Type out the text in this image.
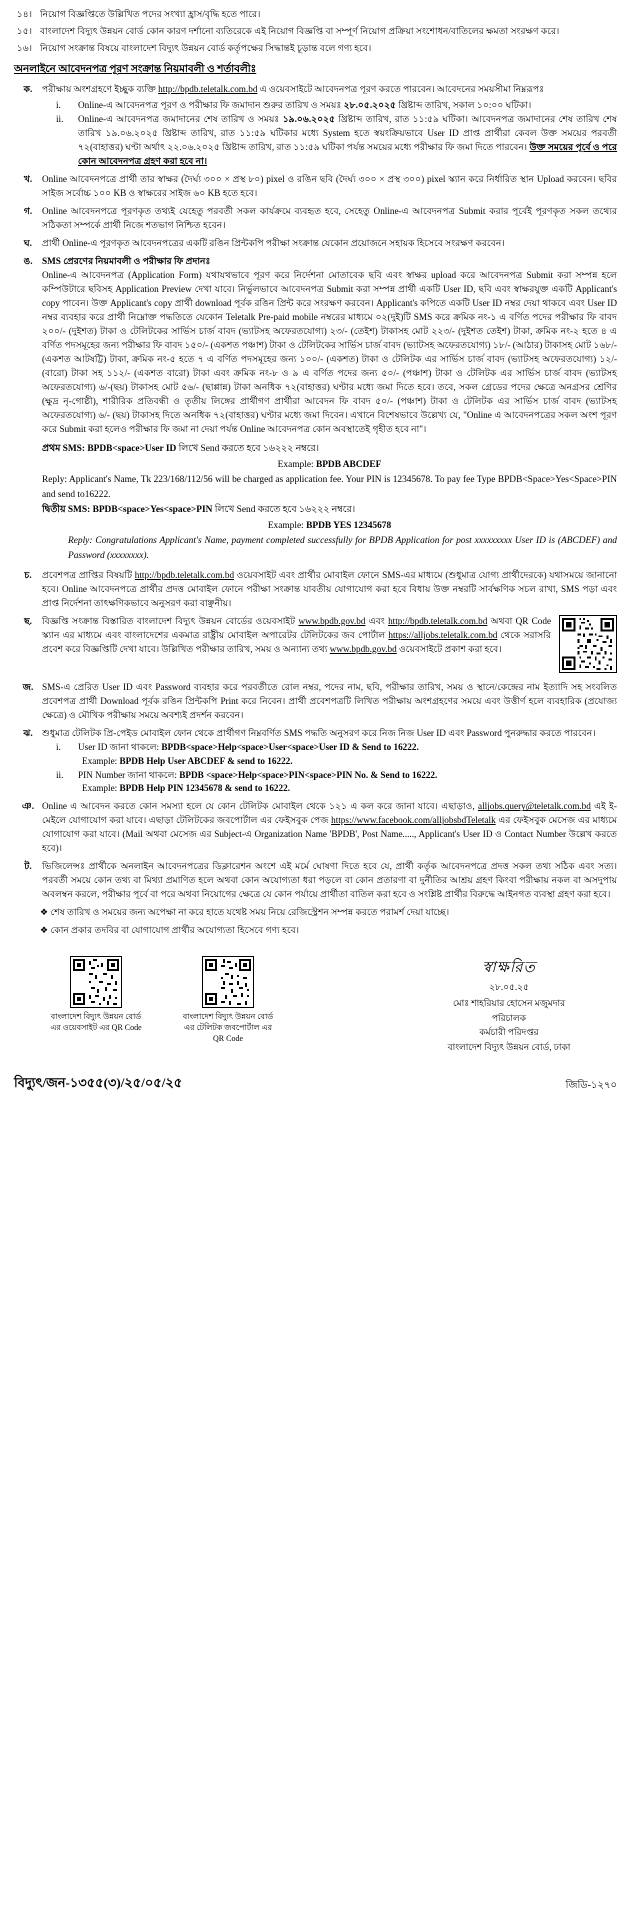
১৪। নিয়োগ বিজ্ঞপ্তিতে উল্লিখিত পদের সংখ্যা হ্রাস/বৃদ্ধি হতে পারে।
১৫। বাংলাদেশ বিদ্যুৎ উন্নয়ন বোর্ড কোন কারণ দর্শানো ব্যতিরেকে এই নিয়োগ বিজ্ঞপ্তি বা সম্পূর্ণ নিয়োগ প্রক্রিয়া সংশোধন/বাতিলের ক্ষমতা সংরক্ষণ করে।
১৬। নিয়োগ সংক্রান্ত বিষয়ে বাংলাদেশ বিদ্যুৎ উন্নয়ন বোর্ড কর্তৃপক্ষের সিদ্ধান্তই চূড়ান্ত বলে গণ্য হবে।
অনলাইনে আবেদনপত্র পূরণ সংক্রান্ত নিয়মাবলী ও শর্তাবলীঃ
ক.	পরীক্ষায় অংশগ্রহণে ইচ্ছুক ব্যক্তি http://bpdb.teletalk.com.bd এ ওয়েবসাইটে আবেদনপত্র পূরণ করতে পারবেন। আবেদনের সময়সীমা নিম্নরূপঃ
i.	Online-এ আবেদনপত্র পূরণ ও পরীক্ষার ফি জমাদান শুরুর তারিখ ও সময়ঃ ২৮.০৫.২০২৫ খ্রিষ্টাব্দ তারিখ, সকাল ১০:০০ ঘটিকা।
ii.	Online-এ আবেদনপত্র জমাদানের শেষ তারিখ ও সময়ঃ ১৯.০৬.২০২৫ খ্রিষ্টাব্দ তারিখ, রাত ১১:৫৯ ঘটিকা। আবেদনপত্র জমাদানের শেষ তারিখ শেষ তারিখ ১৯.০৬.২০২৫ খ্রিষ্টাব্দ তারিখ, রাত ১১:৫৯ ঘটিকার মধ্যে System হতে স্বয়ংক্রিয়ভাবে User ID প্রাপ্ত প্রার্থীরা কেবল উক্ত সময়ের পরবর্তী ৭২(বাহাত্তর) ঘণ্টা অর্থাৎ ২২.০৬.২০২৫ খ্রিষ্টাব্দ তারিখ, রাত ১১:৫৯ ঘটিকা পর্যন্ত সময়ের মধ্যে পরীক্ষার ফি জমা দিতে পারবেন। উক্ত সময়ের পূর্বে ও পরে কোন আবেদনপত্র গ্রহণ করা হবে না।
খ.	Online আবেদনপত্রে প্রার্থী তার স্বাক্ষর (দৈর্ঘ্য ৩০০ × প্রস্থ ৮০) pixel ও রঙিন ছবি (দৈর্ঘ্য ৩০০ × প্রস্থ ৩০০) pixel স্ক্যান করে নির্ধারিত স্থান Upload করবেন। ছবির সাইজ সর্বোচ্চ ১০০ KB ও স্বাক্ষরের সাইজ ৬০ KB হতে হবে।
গ.	Online আবেদনপত্রে পূরণকৃত তথ্যই যেহেতু পরবর্তী সকল কার্যক্রমে ব্যবহৃত হবে, সেহেতু Online-এ আবেদনপত্র Submit করার পূর্বেই পূরণকৃত সকল তথ্যের সঠিকতা সম্পর্কে প্রার্থী নিজে শতভাগ নিশ্চিত হবেন।
ঘ.	প্রার্থী Online-এ পূরণকৃত আবেদনপত্রের একটি রঙিন প্রিন্টকপি পরীক্ষা সংক্রান্ত যেকোন প্রয়োজনে সহায়ক হিসেবে সংরক্ষণ করবেন।
ঙ.	SMS প্রেরণের নিয়মাবলী ও পরীক্ষার ফি প্রদানঃ
Online-এ আবেদনপত্র (Application Form) যথাযথভাবে পূরণ করে নির্দেশনা মোতাবেক ছবি এবং স্বাক্ষর upload করে আবেদনপত্র Submit করা সম্পন্ন হলে কম্পিউটারে ছবিসহ Application Preview দেখা যাবে। নির্ভুলভাবে আবেদনপত্র Submit করা সম্পন্ন প্রার্থী একটি User ID, ছবি এবং স্বাক্ষরযুক্ত একটি Applicant's copy পাবেন। উক্ত Applicant's copy প্রার্থী download পূর্বক রঙিন প্রিন্ট করে সংরক্ষণ করবেন। Applicant's কপিতে একটি User ID নম্বর দেয়া থাকবে এবং User ID নম্বর ব্যবহার করে প্রার্থী নিম্নোক্ত পদ্ধতিতে যেকোন Teletalk Pre-paid mobile নম্বরের মাধ্যমে ০২(দুই)টি SMS করে ক্রমিক নং-১ এ বর্ণিত পদের পরীক্ষার ফি বাবদ ২০০/- (দুইশত) টাকা ও টেলিটকের সার্ভিস চার্জ বাবদ (ভ্যাটসহ অফেরতযোগ্য) ২৩/- (তেইশ) টাকাসহ মোট ২২৩/- (দুইশত তেইশ) টাকা, ক্রমিক নং-২ হতে ৪ এ বর্ণিত পদসমূহের জন্য পরীক্ষার ফি বাবদ ১৫০/- (একশত পঞ্চাশ) টাকা ও টেলিটকের সার্ভিস চার্জ বাবদ (ভ্যাটসহ অফেরতযোগ্য) ১৮/- (আঠার) টাকাসহ মোট ১৬৮/- (একশত আটষট্টি) টাকা, ক্রমিক নং-৫ হতে ৭ এ বর্ণিত পদসমূহের জন্য ১০০/- (একশত) টাকা ও টেলিটক এর সার্ভিস চার্জ বাবদ (ভ্যাটসহ অফেরতযোগ্য) ১২/- (বারো) টাকা সহ ১১২/- (একশত বারো) টাকা এবং ক্রমিক নং-৮ ও ৯ এ বর্ণিত পদের জন্য ৫০/- (পঞ্চাশ) টাকা ও টেলিটক এর সার্ভিস চার্জ বাবদ (ভ্যাটসহ অফেরতযোগ্য) ৬/-(ছয়) টাকাসহ মোট ৫৬/- (ছাপ্পান্ন) টাকা অনধিক ৭২(বাহাত্তর) ঘণ্টার মধ্যে জমা দিতে হবে। তবে, সকল গ্রেডের পদের ক্ষেত্রে অনগ্রসর শ্রেণির (ক্ষুদ্র নৃ-গোষ্ঠী), শারীরিক প্রতিবন্ধী ও তৃতীয় লিঙ্গের প্রার্থীগণ প্রার্থীরা আবেদন ফি বাবদ ৫০/- (পঞ্চাশ) টাকা ও টেলিটক এর সার্ভিস চার্জ বাবদ (ভ্যাটসহ অফেরতযোগ্য) ৬/- (ছয়) টাকাসহ দিতে অনধিক ৭২(বাহাত্তর) ঘণ্টার মধ্যে জমা দিবেন। এখানে বিশেষভাবে উল্লেখ্য যে, "Online এ আবেদনপত্রের সকল অংশ পূরণ করে Submit করা হলেও পরীক্ষার ফি জমা না দেয়া পর্যন্ত Online আবেদনপত্র কোন অবস্থাতেই গৃহীত হবে না"।
প্রথম SMS: BPDB<space>User ID লিখে Send করতে হবে ১৬২২২ নম্বরে।
Example: BPDB ABCDEF
Reply: Applicant's Name, Tk 223/168/112/56 will be charged as application fee. Your PIN is 12345678. To pay fee Type BPDB<Space>Yes<Space>PIN and send to16222.
দ্বিতীয় SMS: BPDB<space>Yes<space>PIN লিখে Send করতে হবে ১৬২২২ নম্বরে।
Example: BPDB YES 12345678
Reply: Congratulations Applicant's Name, payment completed successfully for BPDB Application for post xxxxxxxxx User ID is (ABCDEF) and Password (xxxxxxxx).
চ.	প্রবেশপত্র প্রাপ্তির বিষয়টি http://bpdb.teletalk.com.bd ওয়েবসাইট এবং প্রার্থীর মোবাইল ফোনে SMS-এর মাধ্যমে (শুধুমাত্র যোগ্য প্রার্থীদেরকে) যথাসময়ে জানানো হবে। Online আবেদনপত্রে প্রার্থীর প্রদত্ত মোবাইল ফোনে পরীক্ষা সংক্রান্ত যাবতীয় যোগাযোগ করা হবে বিধায় উক্ত নম্বরটি সার্বক্ষণিক সচল রাখা, SMS পড়া এবং প্রাপ্ত নির্দেশনা তাৎক্ষণিকভাবে অনুসরণ করা বাঞ্ছনীয়।
ছ.	বিজ্ঞপ্তি সংক্রান্ত বিস্তারিত বাংলাদেশ বিদ্যুৎ উন্নয়ন বোর্ডের ওয়েবসাইট www.bpdb.gov.bd এবং http://bpdb.teletalk.com.bd অথবা QR Code স্ক্যান এর মাধ্যমে এবং বাংলাদেশের একমাত্র রাষ্ট্রীয় মোবাইল অপারেটর টেলিটকের জব পোর্টাল https://alljobs.teletalk.com.bd থেকে সরাসরি প্রবেশ করে বিজ্ঞপ্তিটি দেখা যাবে। উল্লিখিত পরীক্ষার তারিখ, সময় ও অন্যান্য তথ্য www.bpdb.gov.bd ওয়েবসাইটে প্রকাশ করা হবে।
জ. SMS-এ প্রেরিত User ID এবং Password ব্যবহার করে পরবর্তীতে রোল নম্বর, পদের নাম, ছবি, পরীক্ষার তারিখ, সময় ও স্থানে/কেন্দ্রের নাম ইত্যাদি সহ সংবলিত প্রবেশপত্র প্রার্থী Download পূর্বক রঙিন প্রিন্টকপি Print করে নিবেন। প্রার্থী প্রবেশপত্রটি লিখিত পরীক্ষায় অংশগ্রহণের সময়ে এবং উত্তীর্ণ হলে ব্যবহারিক (প্রযোজ্য ক্ষেত্রে) ও মৌখিক পরীক্ষায় সময়ে অবশ্যই প্রদর্শন করবেন।
ঝ.	শুধুমাত্র টেলিটক প্রি-পেইড মোবাইল ফোন থেকে প্রার্থীগণ নিম্নবর্ণিত SMS পদ্ধতি অনুসরণ করে নিজ নিজ User ID এবং Password পুনরুদ্ধার করতে পারবেন।
i.	User ID জানা থাকলে: BPDB<space>Help<space>User<space>User ID & Send to 16222.
Example: BPDB Help User ABCDEF & send to 16222.
ii.	PIN Number জানা থাকলে: BPDB <space>Help<space>PIN<space>PIN No. & Send to 16222.
Example: BPDB Help PIN 12345678 & send to 16222.
ঞ. Online এ আবেদন করতে কোন সমস্যা হলে যে কোন টেলিটক মোবাইল থেকে ১২১ এ কল করে জানা যাবে। এছাড়াও, alljobs.query@teletalk.com.bd এই ই-মেইলে যোগাযোগ করা যাবে। এছাড়া টেলিটকের জবপোর্টাল এর ফেইসবুক পেজ https://www.facebook.com/alljobsbdTeletalk এর ফেইসবুক মেসেজ এর মাধ্যমে যোগাযোগ করা যাবে। (Mail অথবা মেসেজ এর Subject-এ Organization Name 'BPDB', Post Name....., Applicant's User ID ও Contact Number উল্লেখ করতে হবে)।
ট.	ভিজিলেন্সঃ প্রার্থীকে অনলাইন আবেদনপত্রের ডিক্লারেশন অংশে এই মর্মে ঘোষণা দিতে হবে যে, প্রার্থী কর্তৃক আবেদনপত্রে প্রদত্ত সকল তথ্য সঠিক এবং সত্য। পরবর্তী সময়ে কোন তথ্য বা মিথ্যা প্রমাণিত হলে অথবা কোন অযোগ্যতা ধরা পড়লে বা কোন প্রতারণা বা দুর্নীতির আশ্রয় গ্রহণ কিংবা পরীক্ষায় নকল বা অসদুপায় অবলম্বন করলে, পরীক্ষার পূর্বে বা পরে অথবা নিয়োগের ক্ষেত্রে যে কোন পর্যায়ে প্রার্থীতা বাতিল করা হবে ও সংশ্লিষ্ট প্রার্থীর বিরুদ্ধে আইনগত ব্যবস্থা গ্রহণ করা হবে।
❖ শেষ তারিখ ও সময়ের জন্য অপেক্ষা না করে হাতে যথেষ্ট সময় নিয়ে রেজিস্ট্রেশন সম্পন্ন করতে পরামর্শ দেয়া যাচ্ছে।
❖ কোন প্রকার তদবির বা যোগাযোগ প্রার্থীর অযোগ্যতা হিসেবে গণ্য হবে।
বাংলাদেশ বিদ্যুৎ উন্নয়ন বোর্ড এর ওয়েবসাইট এর QR Code
বাংলাদেশ বিদ্যুৎ উন্নয়ন বোর্ড এর টেলিটক জবপোর্টাল এর QR Code
স্বাক্ষরিত
২৮.০৫.২৫
মোঃ শাহরিয়ার হোসেন মজুমদার
পরিচালক
কর্মচারী পরিদপ্তর
বাংলাদেশ বিদ্যুৎ উন্নয়ন বোর্ড, ঢাকা
বিদ্যুৎ/জন-১৩৫৫(৩)/২৫/০৫/২৫	জিডি-১২৭০
